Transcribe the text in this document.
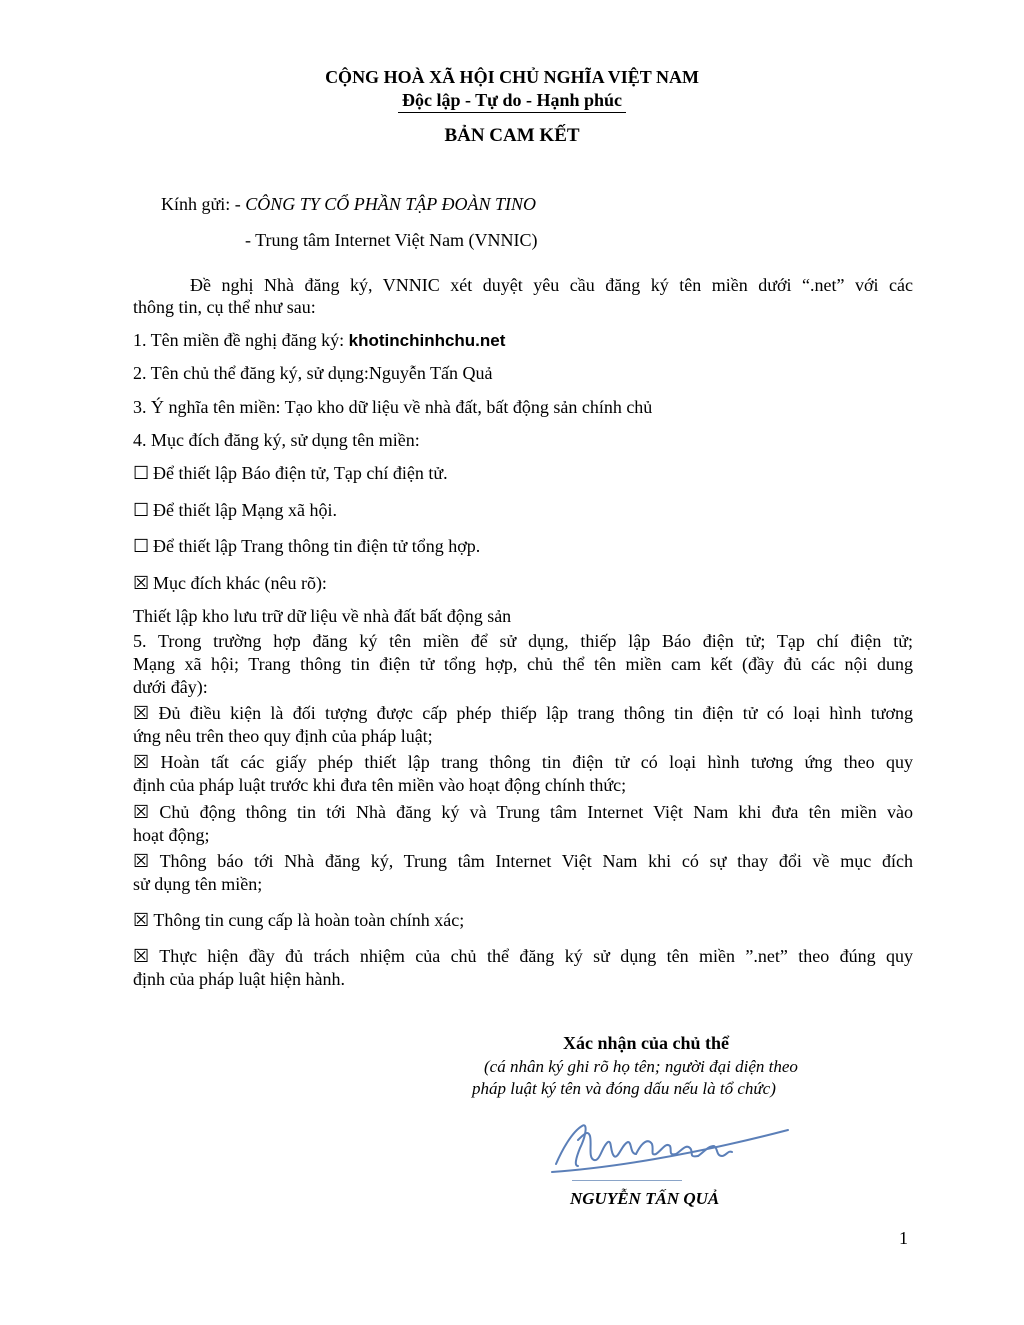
CỘNG HOÀ XÃ HỘI CHỦ NGHĨA VIỆT NAM
Độc lập - Tự do - Hạnh phúc
BẢN CAM KẾT
Kính gửi: - CÔNG TY CỔ PHẦN TẬP ĐOÀN TINO
- Trung tâm Internet Việt Nam (VNNIC)
Đề nghị Nhà đăng ký, VNNIC xét duyệt yêu cầu đăng ký tên miền dưới “.net” với các
thông tin, cụ thể như sau:
1. Tên miền đề nghị đăng ký: khotinchinhchu.net
2. Tên chủ thể đăng ký, sử dụng:Nguyễn Tấn Quả
3. Ý nghĩa tên miền: Tạo kho dữ liệu về nhà đất, bất động sản chính chủ
4. Mục đích đăng ký, sử dụng tên miền:
☐ Để thiết lập Báo điện tử, Tạp chí điện tử.
☐ Để thiết lập Mạng xã hội.
☐ Để thiết lập Trang thông tin điện tử tổng hợp.
☒ Mục đích khác (nêu rõ):
Thiết lập kho lưu trữ dữ liệu về nhà đất bất động sản
5. Trong trường hợp đăng ký tên miền để sử dụng, thiếp lập Báo điện tử; Tạp chí điện tử;
Mạng xã hội; Trang thông tin điện tử tổng hợp, chủ thể tên miền cam kết (đầy đủ các nội dung
dưới đây):
☒ Đủ điều kiện là đối tượng được cấp phép thiếp lập trang thông tin điện tử có loại hình tương
ứng nêu trên theo quy định của pháp luật;
☒ Hoàn tất các giấy phép thiết lập trang thông tin điện tử có loại hình tương ứng theo quy
định của pháp luật trước khi đưa tên miền vào hoạt động chính thức;
☒ Chủ động thông tin tới Nhà đăng ký và Trung tâm Internet Việt Nam khi đưa tên miền vào
hoạt động;
☒ Thông báo tới Nhà đăng ký, Trung tâm Internet Việt Nam khi có sự thay đổi về mục đích
sử dụng tên miền;
☒ Thông tin cung cấp là hoàn toàn chính xác;
☒ Thực hiện đầy đủ trách nhiệm của chủ thể đăng ký sử dụng tên miền ”.net” theo đúng quy
định của pháp luật hiện hành.
Xác nhận của chủ thể
(cá nhân ký ghi rõ họ tên; người đại diện theo
pháp luật ký tên và đóng dấu nếu là tổ chức)
NGUYỄN TẤN QUẢ
1
